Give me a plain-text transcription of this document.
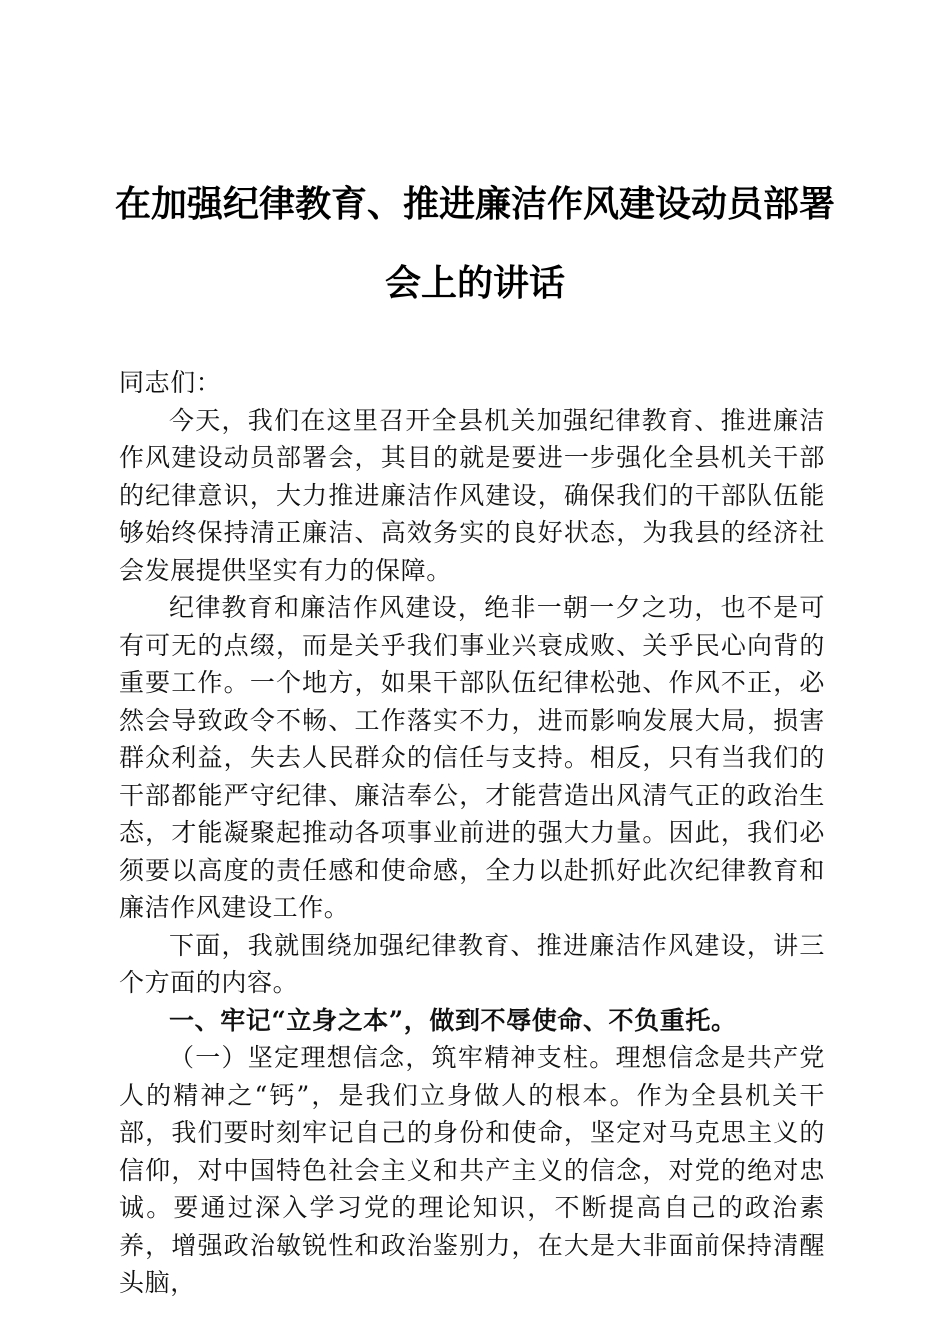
在加强纪律教育、推进廉洁作风建设动员部署
会上的讲话

同志们：

今天，我们在这里召开全县机关加强纪律教育、推进廉洁作风建设动员部署会，其目的就是要进一步强化全县机关干部的纪律意识，大力推进廉洁作风建设，确保我们的干部队伍能够始终保持清正廉洁、高效务实的良好状态，为我县的经济社会发展提供坚实有力的保障。

纪律教育和廉洁作风建设，绝非一朝一夕之功，也不是可有可无的点缀，而是关乎我们事业兴衰成败、关乎民心向背的重要工作。一个地方，如果干部队伍纪律松弛、作风不正，必然会导致政令不畅、工作落实不力，进而影响发展大局，损害群众利益，失去人民群众的信任与支持。相反，只有当我们的干部都能严守纪律、廉洁奉公，才能营造出风清气正的政治生态，才能凝聚起推动各项事业前进的强大力量。因此，我们必须要以高度的责任感和使命感，全力以赴抓好此次纪律教育和廉洁作风建设工作。

下面，我就围绕加强纪律教育、推进廉洁作风建设，讲三个方面的内容。

一、牢记“立身之本”，做到不辱使命、不负重托。

（一）坚定理想信念，筑牢精神支柱。理想信念是共产党人的精神之“钙”，是我们立身做人的根本。作为全县机关干部，我们要时刻牢记自己的身份和使命，坚定对马克思主义的信仰，对中国特色社会主义和共产主义的信念，对党的绝对忠诚。要通过深入学习党的理论知识，不断提高自己的政治素养，增强政治敏锐性和政治鉴别力，在大是大非面前保持清醒头脑，
